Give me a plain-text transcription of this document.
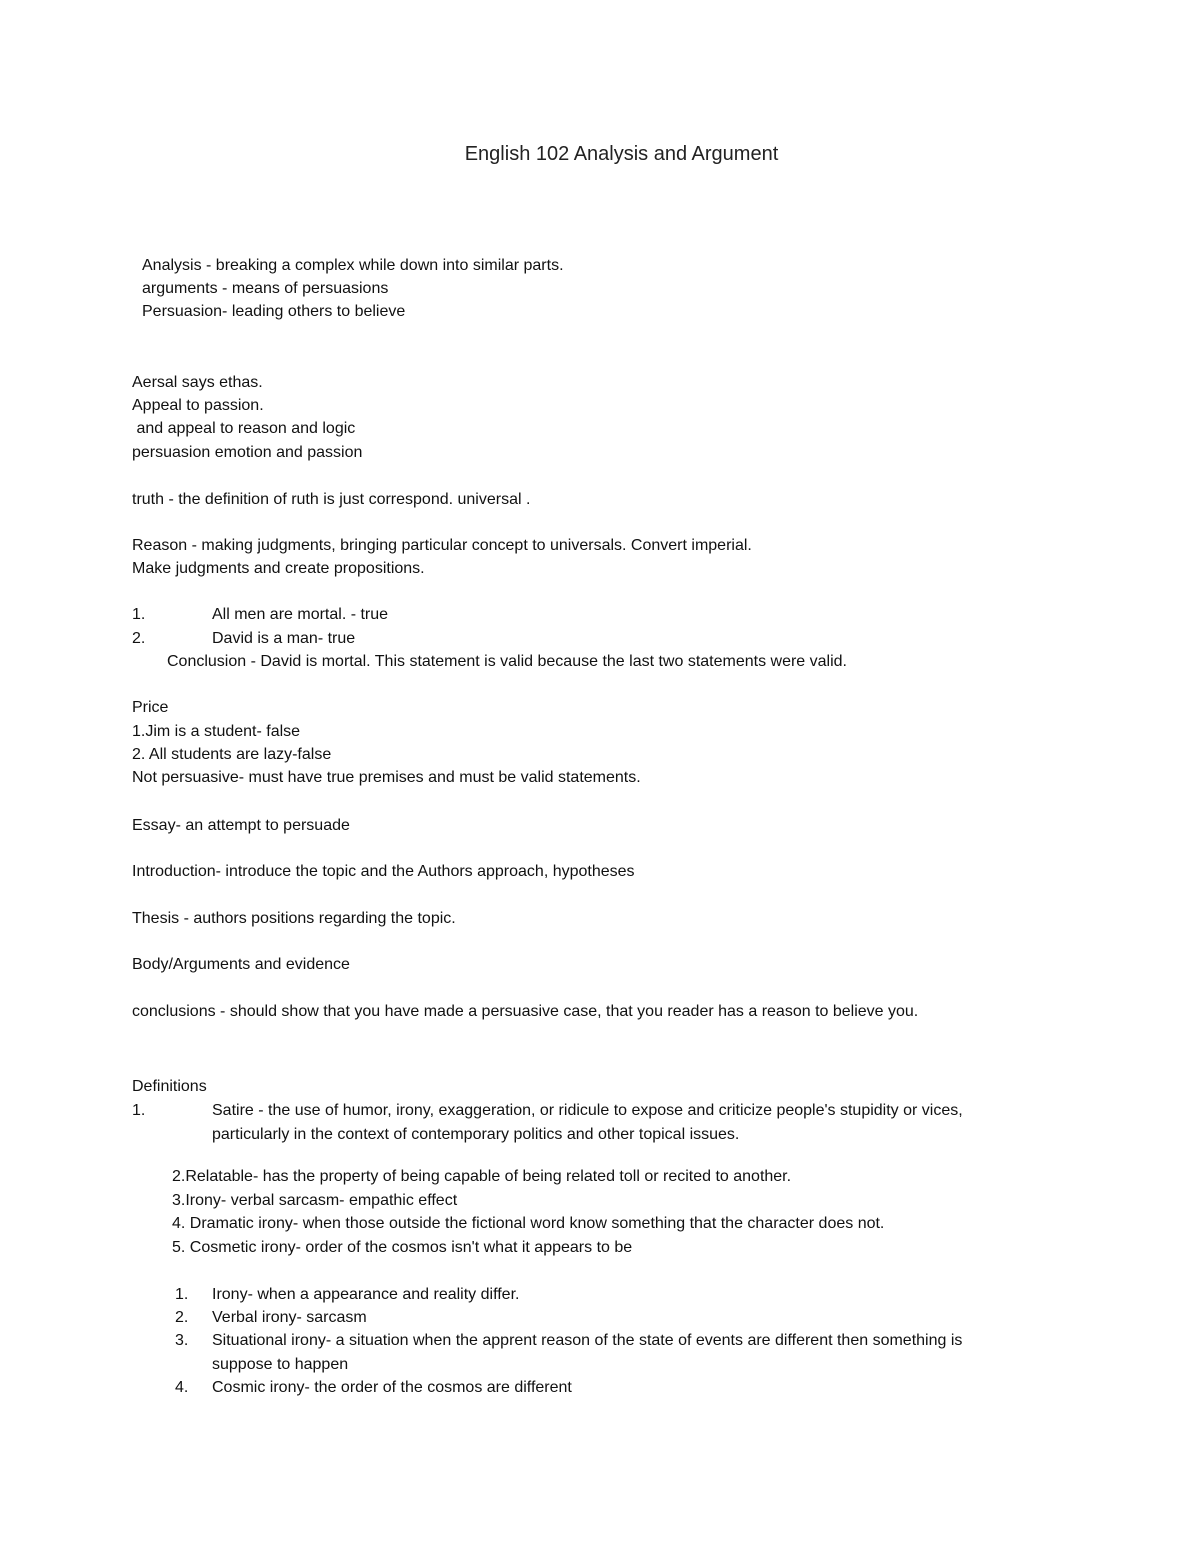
English 102 Analysis and Argument
Analysis - breaking a complex while down into similar parts.
arguments - means of persuasions
Persuasion- leading others to believe
Aersal says ethas.
Appeal to passion.
and appeal to reason and logic
persuasion emotion and passion
truth - the definition of ruth is just correspond. universal .
Reason - making judgments, bringing particular concept to universals. Convert imperial.
Make judgments and create propositions.
1.	All men are mortal. - true
2.	David is a man- true
Conclusion - David is mortal. This statement is valid because the last two statements were valid.
Price
1.Jim is a student- false
2. All students are lazy-false
Not persuasive- must have true premises and must be valid statements.
Essay- an attempt to persuade
Introduction- introduce the topic and the Authors approach, hypotheses
Thesis - authors positions regarding the topic.
Body/Arguments and evidence
conclusions - should show that you have made a persuasive case, that you reader has a reason to believe you.
Definitions
1.	Satire - the use of humor, irony, exaggeration, or ridicule to expose and criticize people's stupidity or vices,
particularly in the context of contemporary politics and other topical issues.
2.Relatable- has the property of being capable of being related toll or recited to another.
3.Irony- verbal sarcasm- empathic effect
4. Dramatic irony- when those outside the fictional word know something that the character does not.
5. Cosmetic irony- order of the cosmos isn't what it appears to be
1. Irony- when a appearance and reality differ.
2. Verbal irony- sarcasm
3. Situational irony- a situation when the apprent reason of the state of events are different then something is
suppose to happen
4. Cosmic irony- the order of the cosmos are different
